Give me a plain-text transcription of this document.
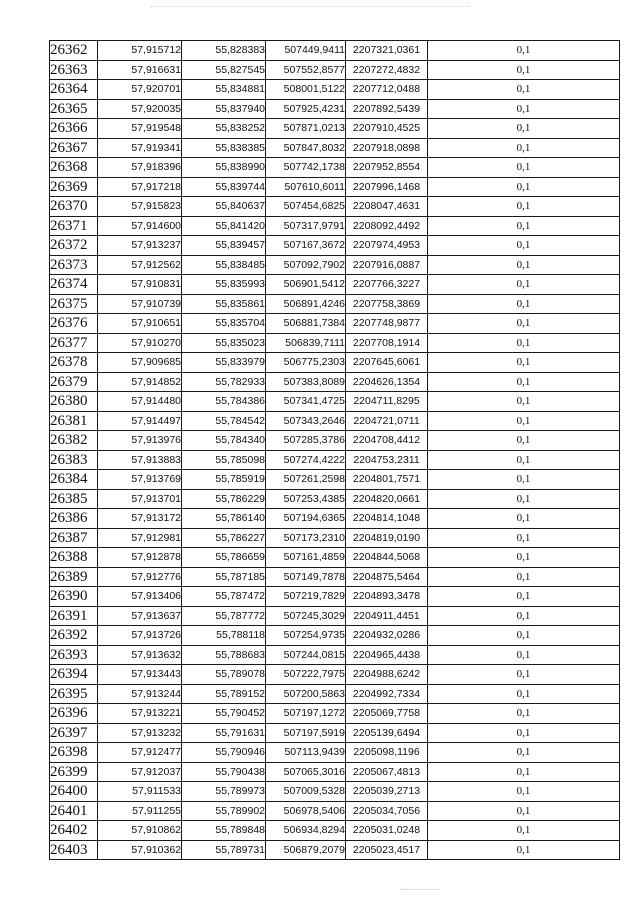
26362	57,915712	55,828383	507449,9411	2207321,0361	0,1
26363	57,916631	55,827545	507552,8577	2207272,4832	0,1
26364	57,920701	55,834881	508001,5122	2207712,0488	0,1
26365	57,920035	55,837940	507925,4231	2207892,5439	0,1
26366	57,919548	55,838252	507871,0213	2207910,4525	0,1
26367	57,919341	55,838385	507847,8032	2207918,0898	0,1
26368	57,918396	55,838990	507742,1738	2207952,8554	0,1
26369	57,917218	55,839744	507610,6011	2207996,1468	0,1
26370	57,915823	55,840637	507454,6825	2208047,4631	0,1
26371	57,914600	55,841420	507317,9791	2208092,4492	0,1
26372	57,913237	55,839457	507167,3672	2207974,4953	0,1
26373	57,912562	55,838485	507092,7902	2207916,0887	0,1
26374	57,910831	55,835993	506901,5412	2207766,3227	0,1
26375	57,910739	55,835861	506891,4246	2207758,3869	0,1
26376	57,910651	55,835704	506881,7384	2207748,9877	0,1
26377	57,910270	55,835023	506839,7111	2207708,1914	0,1
26378	57,909685	55,833979	506775,2303	2207645,6061	0,1
26379	57,914852	55,782933	507383,8089	2204626,1354	0,1
26380	57,914480	55,784386	507341,4725	2204711,8295	0,1
26381	57,914497	55,784542	507343,2646	2204721,0711	0,1
26382	57,913976	55,784340	507285,3786	2204708,4412	0,1
26383	57,913883	55,785098	507274,4222	2204753,2311	0,1
26384	57,913769	55,785919	507261,2598	2204801,7571	0,1
26385	57,913701	55,786229	507253,4385	2204820,0661	0,1
26386	57,913172	55,786140	507194,6365	2204814,1048	0,1
26387	57,912981	55,786227	507173,2310	2204819,0190	0,1
26388	57,912878	55,786659	507161,4859	2204844,5068	0,1
26389	57,912776	55,787185	507149,7878	2204875,5464	0,1
26390	57,913406	55,787472	507219,7829	2204893,3478	0,1
26391	57,913637	55,787772	507245,3029	2204911,4451	0,1
26392	57,913726	55,788118	507254,9735	2204932,0286	0,1
26393	57,913632	55,788683	507244,0815	2204965,4438	0,1
26394	57,913443	55,789078	507222,7975	2204988,6242	0,1
26395	57,913244	55,789152	507200,5863	2204992,7334	0,1
26396	57,913221	55,790452	507197,1272	2205069,7758	0,1
26397	57,913232	55,791631	507197,5919	2205139,6494	0,1
26398	57,912477	55,790946	507113,9439	2205098,1196	0,1
26399	57,912037	55,790438	507065,3016	2205067,4813	0,1
26400	57,911533	55,789973	507009,5328	2205039,2713	0,1
26401	57,911255	55,789902	506978,5406	2205034,7056	0,1
26402	57,910862	55,789848	506934,8294	2205031,0248	0,1
26403	57,910362	55,789731	506879,2079	2205023,4517	0,1
